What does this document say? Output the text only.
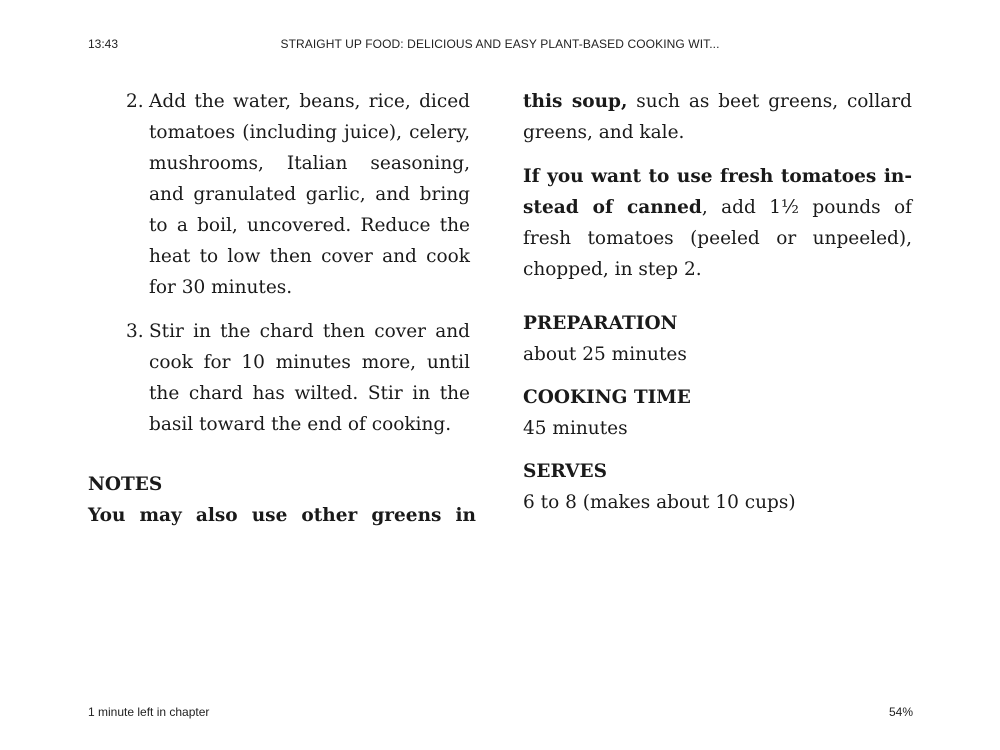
13:43	STRAIGHT UP FOOD: DELICIOUS AND EASY PLANT-BASED COOKING WIT...
2. Add the water, beans, rice, diced tomatoes (including juice), celery, mushrooms, Italian seasoning, and granulated garlic, and bring to a boil, uncovered. Reduce the heat to low then cover and cook for 30 minutes.
3. Stir in the chard then cover and cook for 10 minutes more, until the chard has wilted. Stir in the basil toward the end of cooking.
NOTES
You may also use other greens in

this soup, such as beet greens, collard greens, and kale.

If you want to use fresh tomatoes instead of canned, add 1½ pounds of fresh tomatoes (peeled or unpeeled), chopped, in step 2.

PREPARATION
about 25 minutes
COOKING TIME
45 minutes
SERVES
6 to 8 (makes about 10 cups)
1 minute left in chapter	54%
